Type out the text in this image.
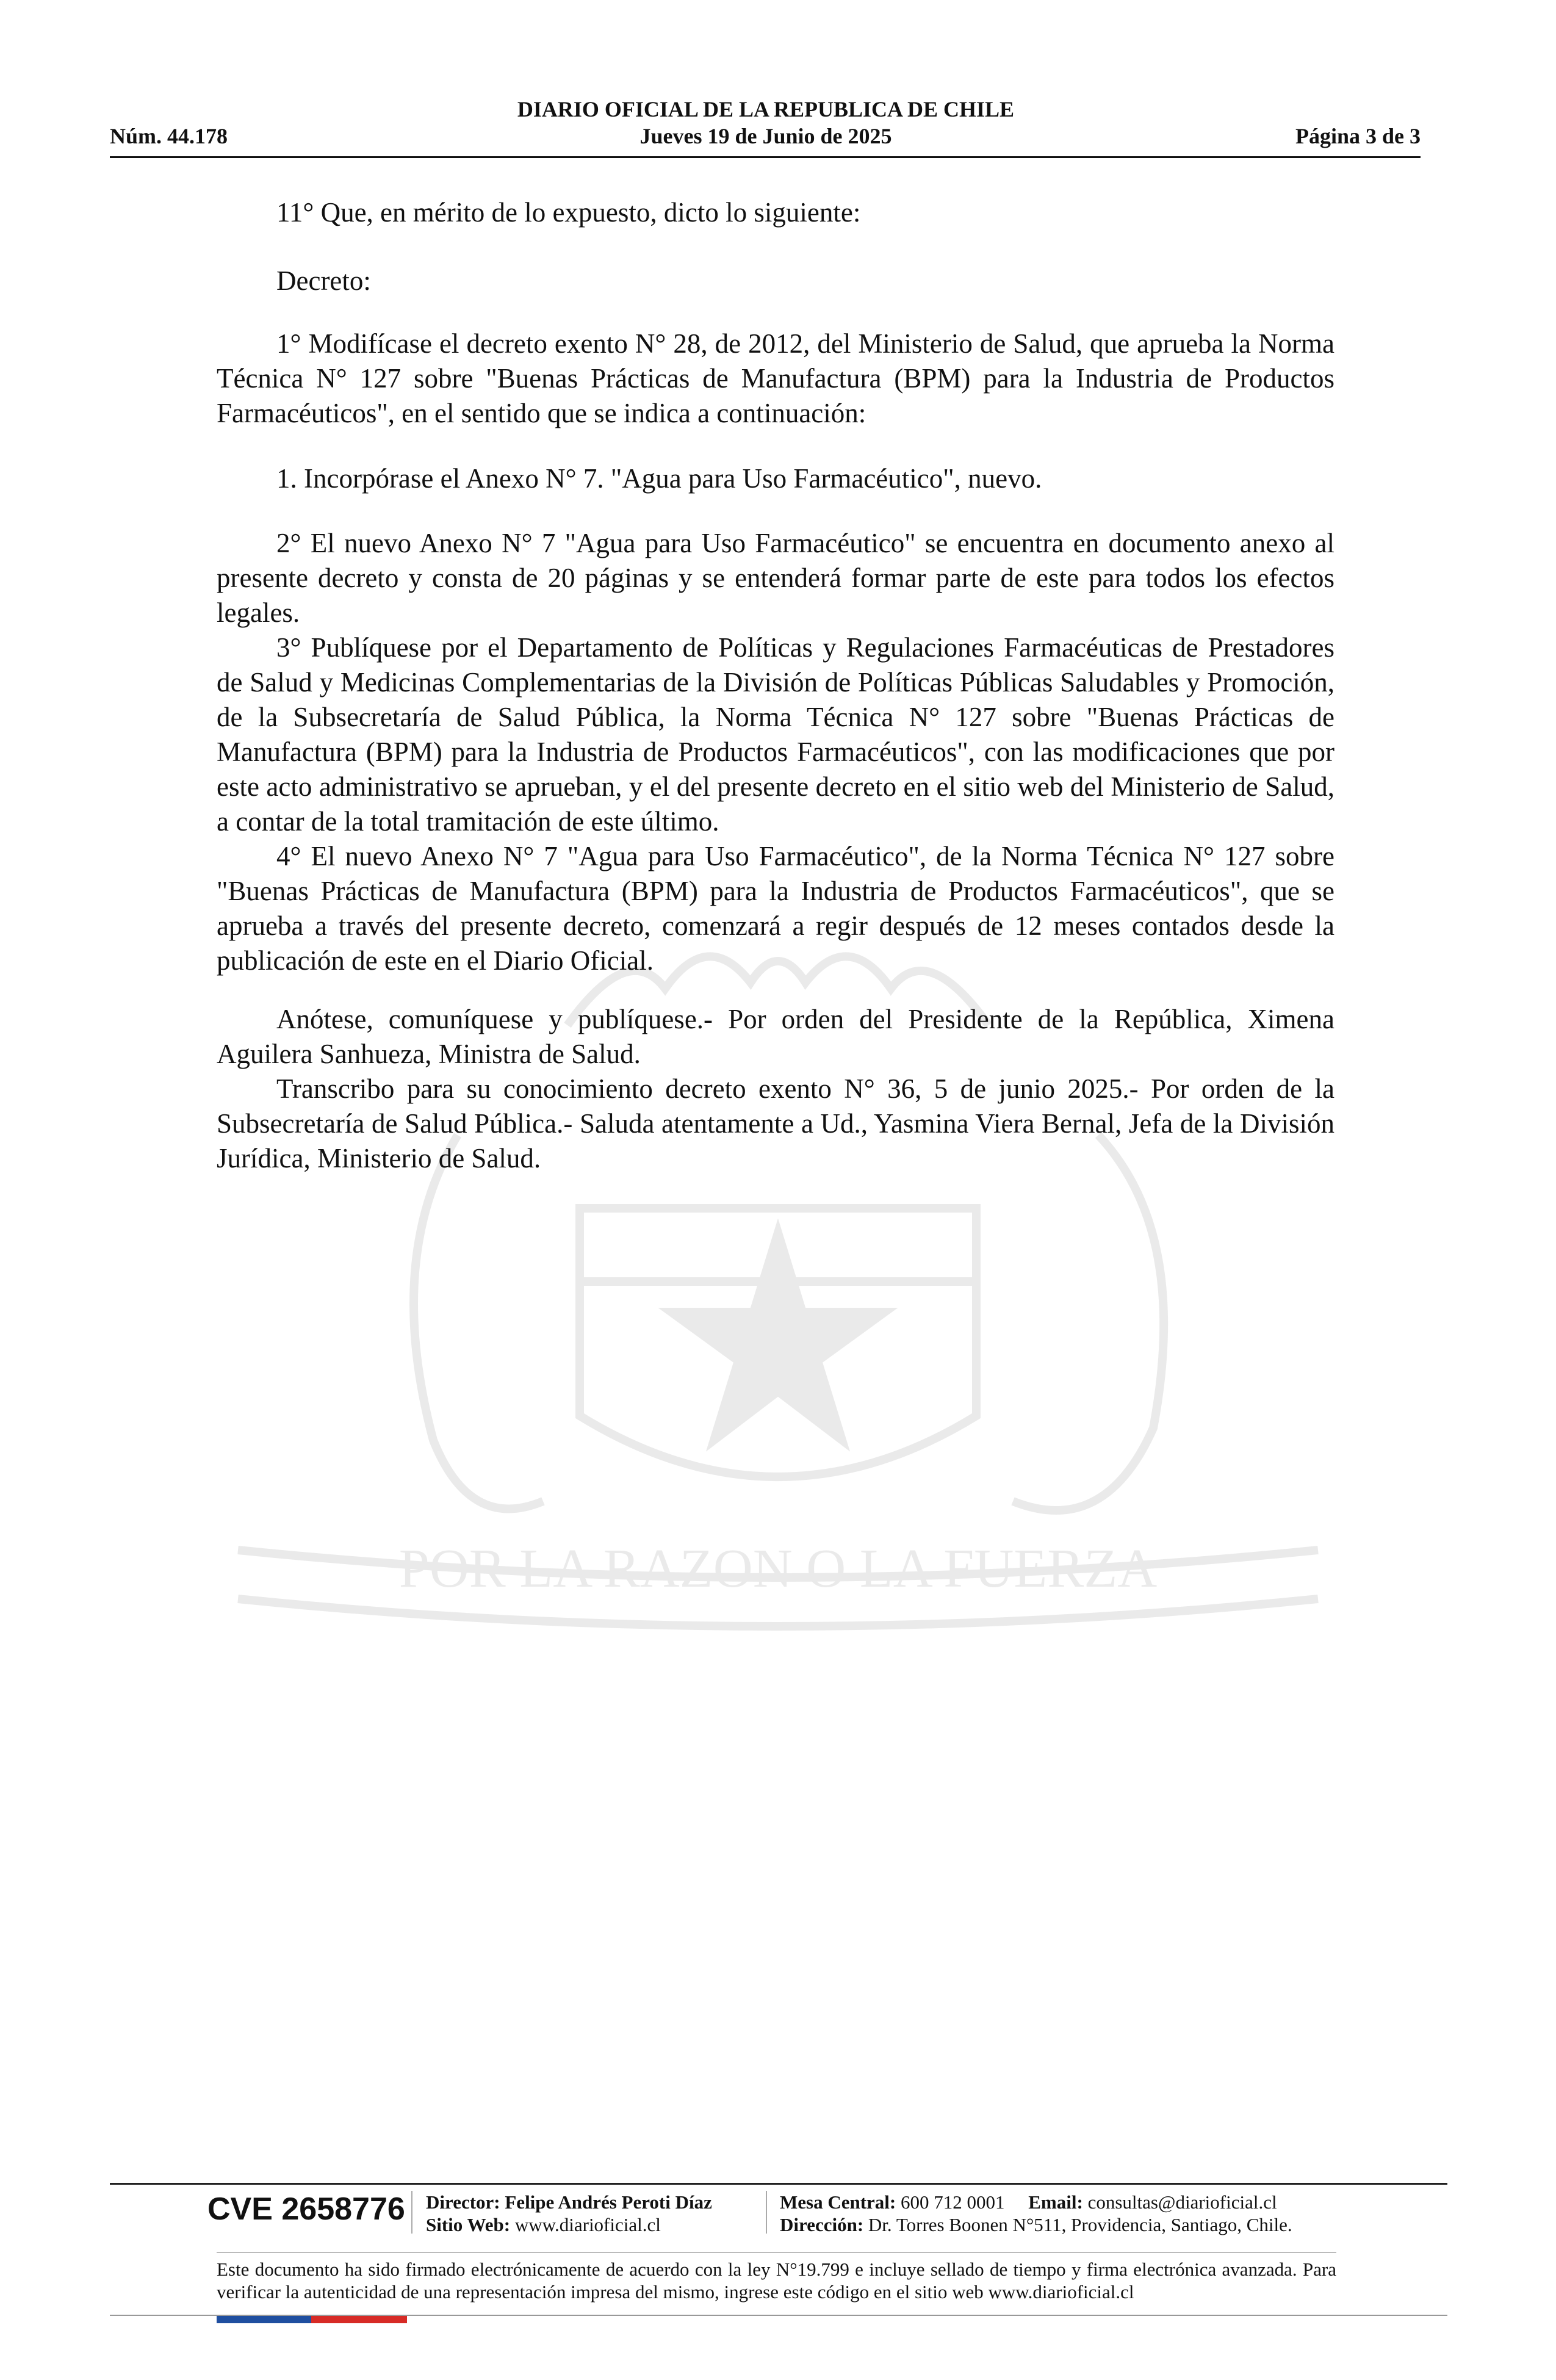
DIARIO OFICIAL DE LA REPUBLICA DE CHILE
Núm. 44.178	Jueves 19 de Junio de 2025	Página 3 de 3
POR LA RAZON O LA FUERZA

11° Que, en mérito de lo expuesto, dicto lo siguiente:

Decreto:

1° Modifícase el decreto exento N° 28, de 2012, del Ministerio de Salud, que aprueba la Norma Técnica N° 127 sobre "Buenas Prácticas de Manufactura (BPM) para la Industria de Productos Farmacéuticos", en el sentido que se indica a continuación:

1. Incorpórase el Anexo N° 7. "Agua para Uso Farmacéutico", nuevo.

2° El nuevo Anexo N° 7 "Agua para Uso Farmacéutico" se encuentra en documento anexo al presente decreto y consta de 20 páginas y se entenderá formar parte de este para todos los efectos legales.

3° Publíquese por el Departamento de Políticas y Regulaciones Farmacéuticas de Prestadores de Salud y Medicinas Complementarias de la División de Políticas Públicas Saludables y Promoción, de la Subsecretaría de Salud Pública, la Norma Técnica N° 127 sobre "Buenas Prácticas de Manufactura (BPM) para la Industria de Productos Farmacéuticos", con las modificaciones que por este acto administrativo se aprueban, y el del presente decreto en el sitio web del Ministerio de Salud, a contar de la total tramitación de este último.

4° El nuevo Anexo N° 7 "Agua para Uso Farmacéutico", de la Norma Técnica N° 127 sobre "Buenas Prácticas de Manufactura (BPM) para la Industria de Productos Farmacéuticos", que se aprueba a través del presente decreto, comenzará a regir después de 12 meses contados desde la publicación de este en el Diario Oficial.

Anótese, comuníquese y publíquese.- Por orden del Presidente de la República, Ximena Aguilera Sanhueza, Ministra de Salud.

Transcribo para su conocimiento decreto exento N° 36, 5 de junio 2025.- Por orden de la Subsecretaría de Salud Pública.- Saluda atentamente a Ud., Yasmina Viera Bernal, Jefa de la División Jurídica, Ministerio de Salud.

CVE 2658776 Director: Felipe Andrés Peroti Díaz
Sitio Web: www.diarioficial.cl
Mesa Central: 600 712 0001 Email: consultas@diarioficial.cl
Dirección: Dr. Torres Boonen N°511, Providencia, Santiago, Chile.
Este documento ha sido firmado electrónicamente de acuerdo con la ley N°19.799 e incluye sellado de tiempo y firma electrónica avanzada. Para verificar la autenticidad de una representación impresa del mismo, ingrese este código en el sitio web www.diarioficial.cl
